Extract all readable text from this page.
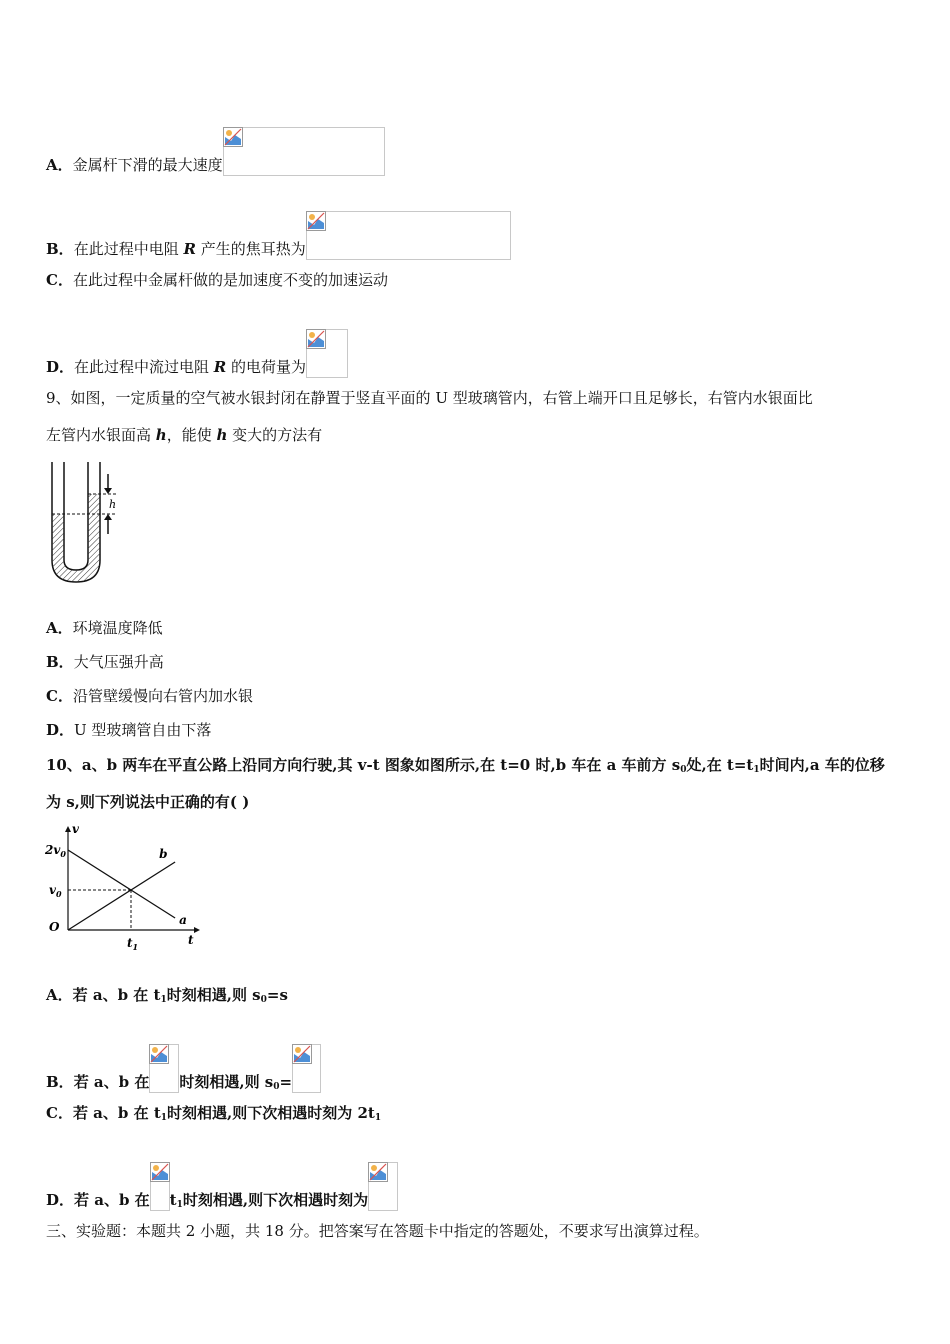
A．金属杆下滑的最大速度
B．在此过程中电阻 R 产生的焦耳热为
C．在此过程中金属杆做的是加速度不变的加速运动
D．在此过程中流过电阻 R 的电荷量为
9、如图，一定质量的空气被水银封闭在静置于竖直平面的 U 型玻璃管内，右管上端开口且足够长，右管内水银面比
左管内水银面高 h，能使 h 变大的方法有
h
A．环境温度降低
B．大气压强升高
C．沿管壁缓慢向右管内加水银
D．U 型玻璃管自由下落
10、a、b 两车在平直公路上沿同方向行驶,其 v-t 图象如图所示,在 t=0 时,b 车在 a 车前方 $s_0$处,在 $t=t_1$时间内,a 车的位移
为 s,则下列说法中正确的有( )
a
b
v
t
O
$2v_0$
$v_0$
$t_1$
A．若 a、b 在 $t_1$时刻相遇,则 $s_0=s$
B．若 a、b 在 时刻相遇,则 $s_0=$
C．若 a、b 在 $t_1$时刻相遇,则下次相遇时刻为 $2t_1$
D．若 a、b 在 $t_1$时刻相遇,则下次相遇时刻为
三、实验题：本题共 2 小题，共 18 分。把答案写在答题卡中指定的答题处，不要求写出演算过程。
